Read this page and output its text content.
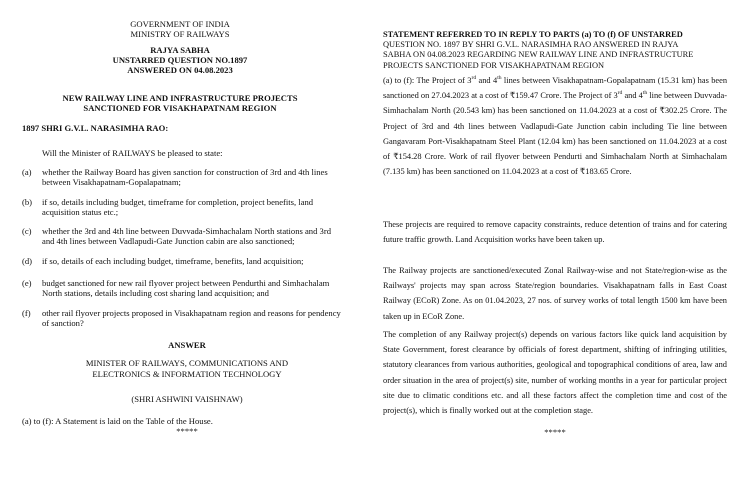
GOVERNMENT OF INDIA
MINISTRY OF RAILWAYS
RAJYA SABHA
UNSTARRED QUESTION NO.1897
ANSWERED ON 04.08.2023
NEW RAILWAY LINE AND INFRASTRUCTURE PROJECTS
SANCTIONED FOR VISAKHAPATNAM REGION
1897 SHRI G.V.L. NARASIMHA RAO:
Will the Minister of RAILWAYS be pleased to state:
(a)	whether the Railway Board has given sanction for construction of 3rd and 4th lines between Visakhapatnam-Gopalapatnam;
(b)	if so, details including budget, timeframe for completion, project benefits, land acquisition status etc.;
(c)	whether the 3rd and 4th line between Duvvada-Simhachalam North stations and 3rd and 4th lines between Vadlapudi-Gate Junction cabin are also sanctioned;
(d)	if so, details of each including budget, timeframe, benefits, land acquisition;
(e)	budget sanctioned for new rail flyover project between Pendurthi and Simhachalam North stations, details including cost sharing land acquisition; and
(f)	other rail flyover projects proposed in Visakhapatnam region and reasons for pendency of sanction?
ANSWER
MINISTER OF RAILWAYS, COMMUNICATIONS AND
ELECTRONICS & INFORMATION TECHNOLOGY
(SHRI ASHWINI VAISHNAW)
(a) to (f): A Statement is laid on the Table of the House.
*****
STATEMENT REFERRED TO IN REPLY TO PARTS (a) TO (f) OF UNSTARRED
QUESTION NO. 1897 BY SHRI G.V.L. NARASIMHA RAO ANSWERED IN RAJYA
SABHA ON 04.08.2023 REGARDING NEW RAILWAY LINE AND INFRASTRUCTURE
PROJECTS SANCTIONED FOR VISAKHAPATNAM REGION
(a) to (f): The Project of 3rd and 4th lines between Visakhapatnam-Gopalapatnam (15.31 km) has been sanctioned on 27.04.2023 at a cost of ₹159.47 Crore. The Project of 3rd and 4th line between Duvvada-Simhachalam North (20.543 km) has been sanctioned on 11.04.2023 at a cost of ₹302.25 Crore. The Project of 3rd and 4th lines between Vadlapudi-Gate Junction cabin including Tie line between Gangavaram Port-Visakhapatnam Steel Plant (12.04 km) has been sanctioned on 11.04.2023 at a cost of ₹154.28 Crore. Work of rail flyover between Pendurti and Simhachalam North at Simhachalam (7.135 km) has been sanctioned on 11.04.2023 at a cost of ₹183.65 Crore.
These projects are required to remove capacity constraints, reduce detention of trains and for catering future traffic growth. Land Acquisition works have been taken up.
The Railway projects are sanctioned/executed Zonal Railway-wise and not State/region-wise as the Railways' projects may span across State/region boundaries. Visakhapatnam falls in East Coast Railway (ECoR) Zone. As on 01.04.2023, 27 nos. of survey works of total length 1500 km have been taken up in ECoR Zone.
The completion of any Railway project(s) depends on various factors like quick land acquisition by State Government, forest clearance by officials of forest department, shifting of infringing utilities, statutory clearances from various authorities, geological and topographical conditions of area, law and order situation in the area of project(s) site, number of working months in a year for particular project site due to climatic conditions etc. and all these factors affect the completion time and cost of the project(s), which is finally worked out at the completion stage.
*****
